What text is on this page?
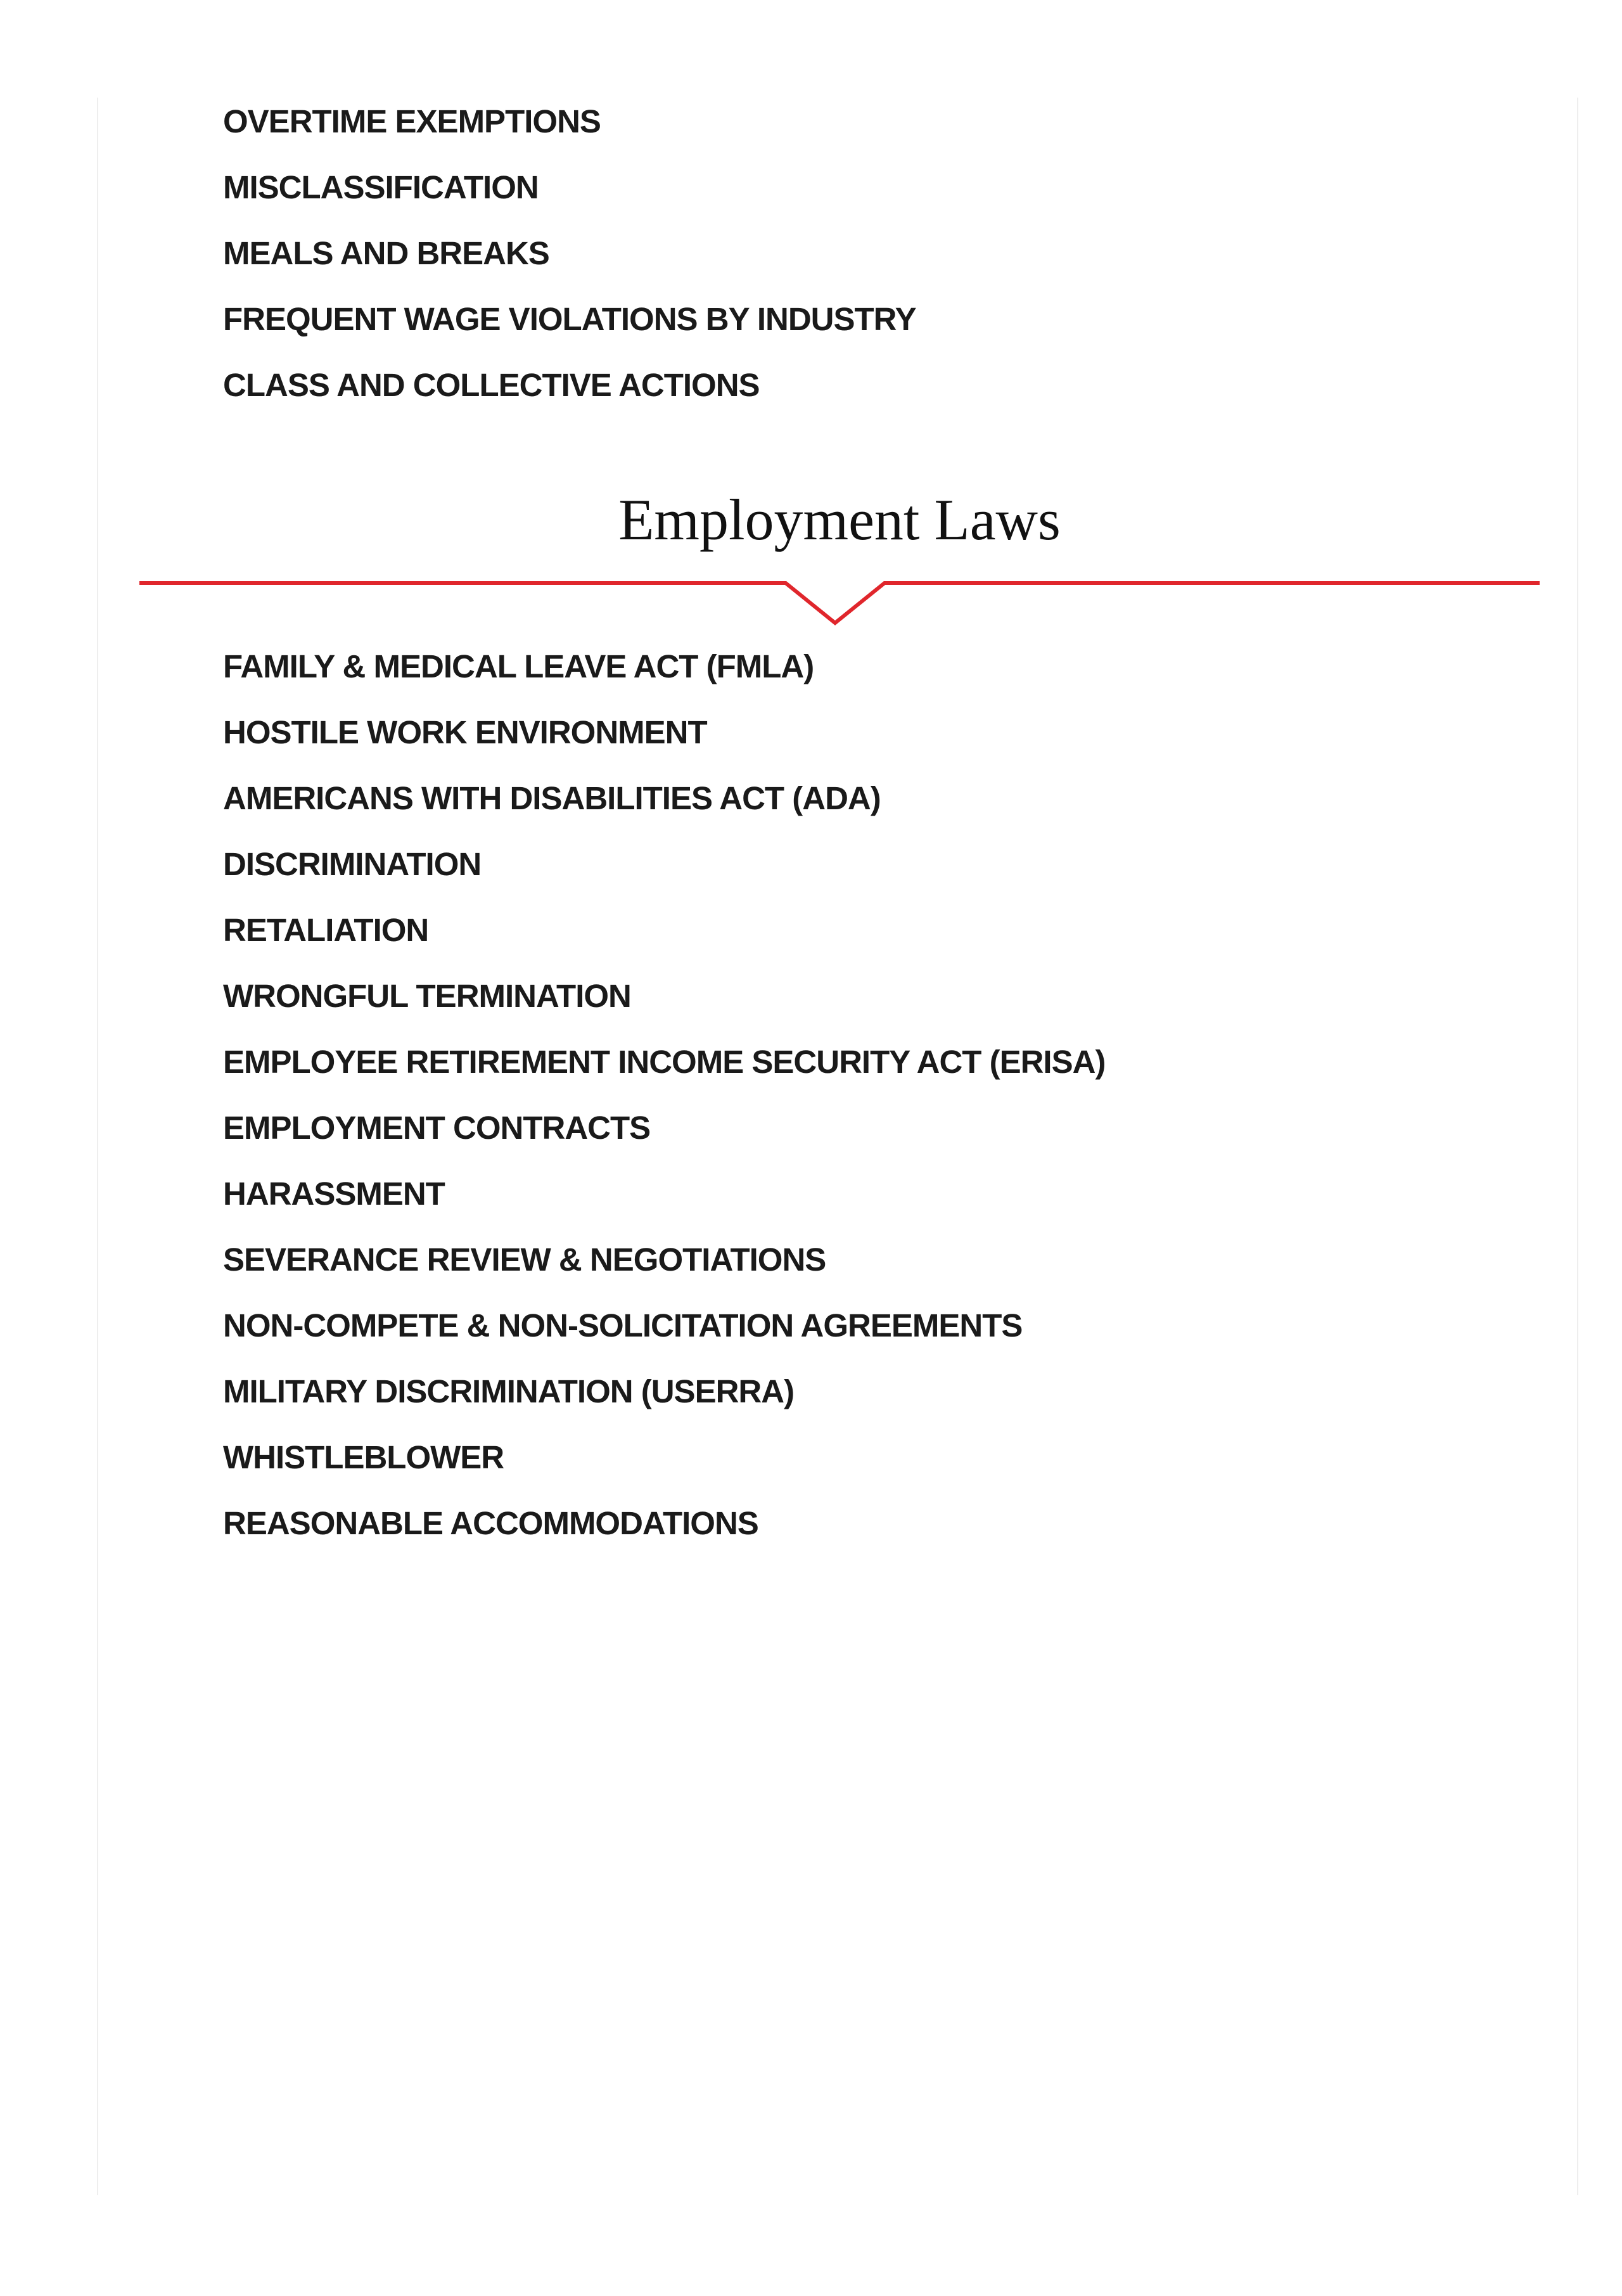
OVERTIME EXEMPTIONS
MISCLASSIFICATION
MEALS AND BREAKS
FREQUENT WAGE VIOLATIONS BY INDUSTRY
CLASS AND COLLECTIVE ACTIONS
Employment Laws
FAMILY & MEDICAL LEAVE ACT (FMLA)
HOSTILE WORK ENVIRONMENT
AMERICANS WITH DISABILITIES ACT (ADA)
DISCRIMINATION
RETALIATION
WRONGFUL TERMINATION
EMPLOYEE RETIREMENT INCOME SECURITY ACT (ERISA)
EMPLOYMENT CONTRACTS
HARASSMENT
SEVERANCE REVIEW & NEGOTIATIONS
NON-COMPETE & NON-SOLICITATION AGREEMENTS
MILITARY DISCRIMINATION (USERRA)
WHISTLEBLOWER
REASONABLE ACCOMMODATIONS
